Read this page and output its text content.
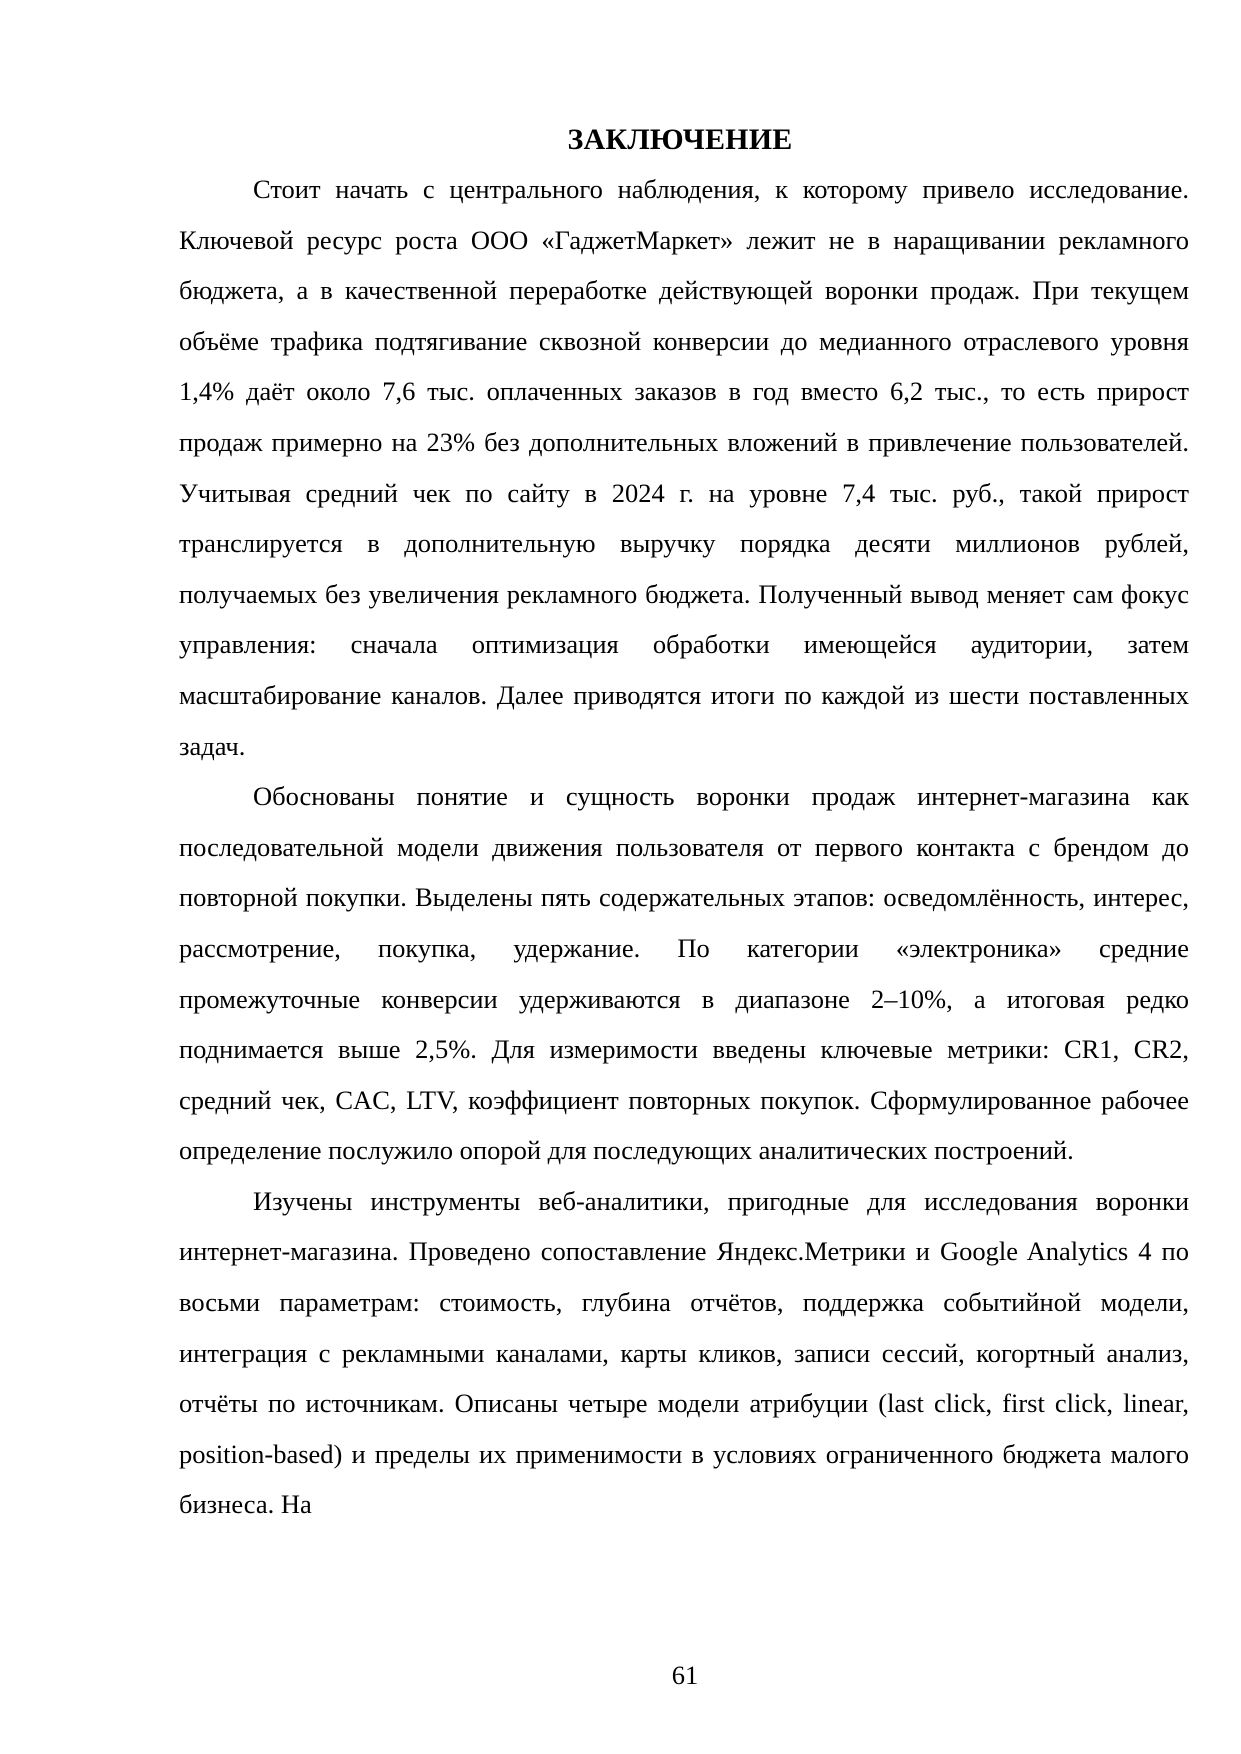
ЗАКЛЮЧЕНИЕ

Стоит начать с центрального наблюдения, к которому привело исследование. Ключевой ресурс роста ООО «ГаджетМаркет» лежит не в наращивании рекламного бюджета, а в качественной переработке действующей воронки продаж. При текущем объёме трафика подтягивание сквозной конверсии до медианного отраслевого уровня 1,4% даёт около 7,6 тыс. оплаченных заказов в год вместо 6,2 тыс., то есть прирост продаж примерно на 23% без дополнительных вложений в привлечение пользователей. Учитывая средний чек по сайту в 2024 г. на уровне 7,4 тыс. руб., такой прирост транслируется в дополнительную выручку порядка десяти миллионов рублей, получаемых без увеличения рекламного бюджета. Полученный вывод меняет сам фокус управления: сначала оптимизация обработки имеющейся аудитории, затем масштабирование каналов. Далее приводятся итоги по каждой из шести поставленных задач.

Обоснованы понятие и сущность воронки продаж интернет-магазина как последовательной модели движения пользователя от первого контакта с брендом до повторной покупки. Выделены пять содержательных этапов: осведомлённость, интерес, рассмотрение, покупка, удержание. По категории «электроника» средние промежуточные конверсии удерживаются в диапазоне 2–10%, а итоговая редко поднимается выше 2,5%. Для измеримости введены ключевые метрики: CR1, CR2, средний чек, CAC, LTV, коэффициент повторных покупок. Сформулированное рабочее определение послужило опорой для последующих аналитических построений.

Изучены инструменты веб-аналитики, пригодные для исследования воронки интернет-магазина. Проведено сопоставление Яндекс.Метрики и Google Analytics 4 по восьми параметрам: стоимость, глубина отчётов, поддержка событийной модели, интеграция с рекламными каналами, карты кликов, записи сессий, когортный анализ, отчёты по источникам. Описаны четыре модели атрибуции (last click, first click, linear, position-based) и пределы их применимости в условиях ограниченного бюджета малого бизнеса. На

61
